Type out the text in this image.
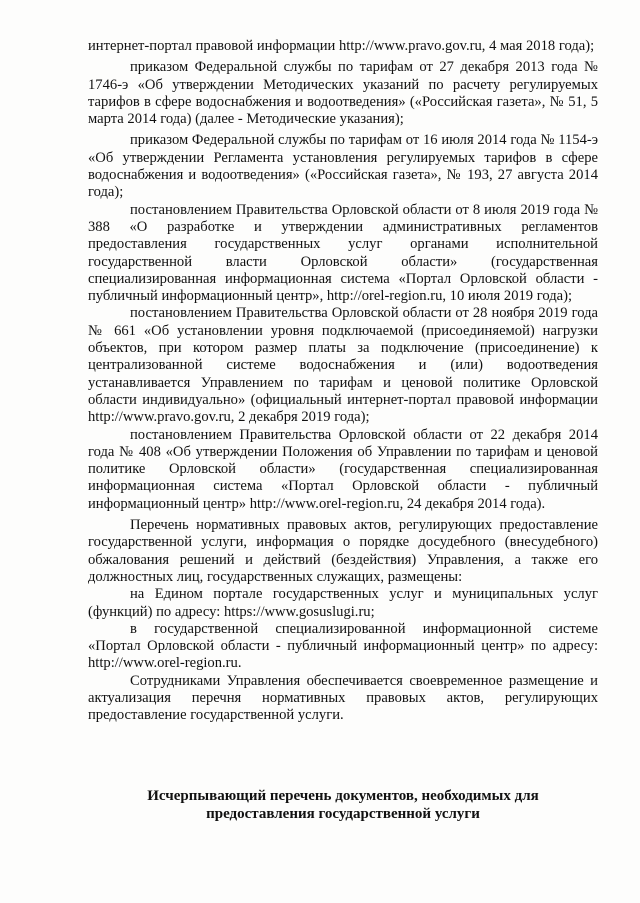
интернет-портал правовой информации http://www.pravo.gov.ru, 4 мая 2018 года);

приказом Федеральной службы по тарифам от 27 декабря 2013 года № 1746-э «Об утверждении Методических указаний по расчету регулируемых тарифов в сфере водоснабжения и водоотведения» («Российская газета», № 51, 5 марта 2014 года) (далее - Методические указания);

приказом Федеральной службы по тарифам от 16 июля 2014 года № 1154-э «Об утверждении Регламента установления регулируемых тарифов в сфере водоснабжения и водоотведения» («Российская газета», № 193, 27 августа 2014 года);

постановлением Правительства Орловской области от 8 июля 2019 года № 388 «О разработке и утверждении административных регламентов предоставления государственных услуг органами исполнительной государственной власти Орловской области» (государственная специализированная информационная система «Портал Орловской области - публичный информационный центр», http://orel-region.ru, 10 июля 2019 года);

постановлением Правительства Орловской области от 28 ноября 2019 года № 661 «Об установлении уровня подключаемой (присоединяемой) нагрузки объектов, при котором размер платы за подключение (присоединение) к централизованной системе водоснабжения и (или) водоотведения устанавливается Управлением по тарифам и ценовой политике Орловской области индивидуально» (официальный интернет-портал правовой информации http://www.pravo.gov.ru, 2 декабря 2019 года);

постановлением Правительства Орловской области от 22 декабря 2014 года № 408 «Об утверждении Положения об Управлении по тарифам и ценовой политике Орловской области» (государственная специализированная информационная система «Портал Орловской области - публичный информационный центр» http://www.orel-region.ru, 24 декабря 2014 года).

Перечень нормативных правовых актов, регулирующих предоставление государственной услуги, информация о порядке досудебного (внесудебного) обжалования решений и действий (бездействия) Управления, а также его должностных лиц, государственных служащих, размещены:

на Едином портале государственных услуг и муниципальных услуг (функций) по адресу: https://www.gosuslugi.ru;

в государственной специализированной информационной системе «Портал Орловской области - публичный информационный центр» по адресу: http://www.orel-region.ru.

Сотрудниками Управления обеспечивается своевременное размещение и актуализация перечня нормативных правовых актов, регулирующих предоставление государственной услуги.

Исчерпывающий перечень документов, необходимых для
предоставления государственной услуги
